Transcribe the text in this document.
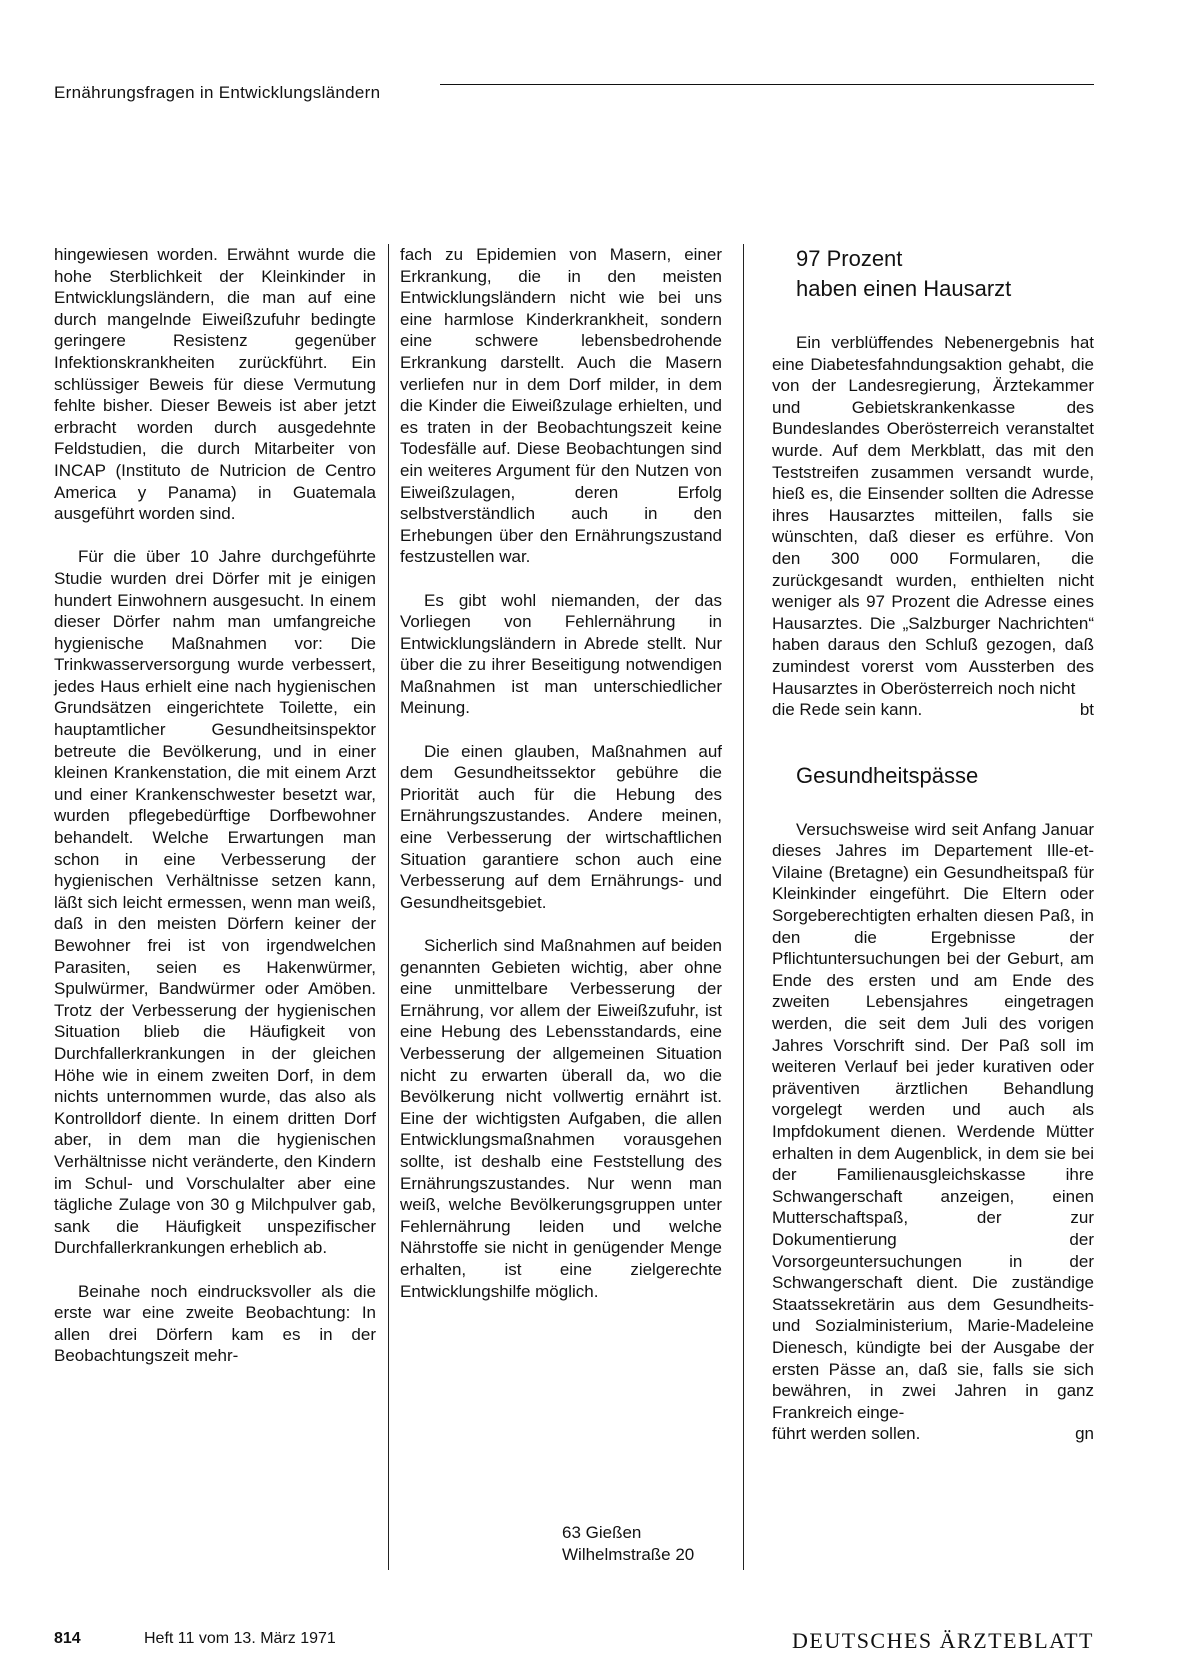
Ernährungsfragen in Entwicklungsländern

hingewiesen worden. Erwähnt wurde die hohe Sterblichkeit der Kleinkinder in Entwicklungsländern, die man auf eine durch mangelnde Eiweißzufuhr bedingte geringere Resistenz gegenüber Infektionskrankheiten zurückführt. Ein schlüssiger Beweis für diese Vermutung fehlte bisher. Dieser Beweis ist aber jetzt erbracht worden durch ausgedehnte Feldstudien, die durch Mitarbeiter von INCAP (Instituto de Nutricion de Centro America y Panama) in Guatemala ausgeführt worden sind.

Für die über 10 Jahre durchgeführte Studie wurden drei Dörfer mit je einigen hundert Einwohnern ausgesucht. In einem dieser Dörfer nahm man umfangreiche hygienische Maßnahmen vor: Die Trinkwasserversorgung wurde verbessert, jedes Haus erhielt eine nach hygienischen Grundsätzen eingerichtete Toilette, ein hauptamtlicher Gesundheitsinspektor betreute die Bevölkerung, und in einer kleinen Krankenstation, die mit einem Arzt und einer Krankenschwester besetzt war, wurden pflegebedürftige Dorfbewohner behandelt. Welche Erwartungen man schon in eine Verbesserung der hygienischen Verhältnisse setzen kann, läßt sich leicht ermessen, wenn man weiß, daß in den meisten Dörfern keiner der Bewohner frei ist von irgendwelchen Parasiten, seien es Hakenwürmer, Spulwürmer, Bandwürmer oder Amöben. Trotz der Verbesserung der hygienischen Situation blieb die Häufigkeit von Durchfallerkrankungen in der gleichen Höhe wie in einem zweiten Dorf, in dem nichts unternommen wurde, das also als Kontrolldorf diente. In einem dritten Dorf aber, in dem man die hygienischen Verhältnisse nicht veränderte, den Kindern im Schul- und Vorschulalter aber eine tägliche Zulage von 30 g Milchpulver gab, sank die Häufigkeit unspezifischer Durchfallerkrankungen erheblich ab.

Beinahe noch eindrucksvoller als die erste war eine zweite Beobachtung: In allen drei Dörfern kam es in der Beobachtungszeit mehr-

fach zu Epidemien von Masern, einer Erkrankung, die in den meisten Entwicklungsländern nicht wie bei uns eine harmlose Kinderkrankheit, sondern eine schwere lebensbedrohende Erkrankung darstellt. Auch die Masern verliefen nur in dem Dorf milder, in dem die Kinder die Eiweißzulage erhielten, und es traten in der Beobachtungszeit keine Todesfälle auf. Diese Beobachtungen sind ein weiteres Argument für den Nutzen von Eiweißzulagen, deren Erfolg selbstverständlich auch in den Erhebungen über den Ernährungszustand festzustellen war.

Es gibt wohl niemanden, der das Vorliegen von Fehlernährung in Entwicklungsländern in Abrede stellt. Nur über die zu ihrer Beseitigung notwendigen Maßnahmen ist man unterschiedlicher Meinung.

Die einen glauben, Maßnahmen auf dem Gesundheitssektor gebühre die Priorität auch für die Hebung des Ernährungszustandes. Andere meinen, eine Verbesserung der wirtschaftlichen Situation garantiere schon auch eine Verbesserung auf dem Ernährungs- und Gesundheitsgebiet.

Sicherlich sind Maßnahmen auf beiden genannten Gebieten wichtig, aber ohne eine unmittelbare Verbesserung der Ernährung, vor allem der Eiweißzufuhr, ist eine Hebung des Lebensstandards, eine Verbesserung der allgemeinen Situation nicht zu erwarten überall da, wo die Bevölkerung nicht vollwertig ernährt ist. Eine der wichtigsten Aufgaben, die allen Entwicklungsmaßnahmen vorausgehen sollte, ist deshalb eine Feststellung des Ernährungszustandes. Nur wenn man weiß, welche Bevölkerungsgruppen unter Fehlernährung leiden und welche Nährstoffe sie nicht in genügender Menge erhalten, ist eine zielgerechte Entwicklungshilfe möglich.

63 Gießen
Wilhelmstraße 20
97 Prozent
haben einen Hausarzt

Ein verblüffendes Nebenergebnis hat eine Diabetesfahndungsaktion gehabt, die von der Landesregierung, Ärztekammer und Gebietskrankenkasse des Bundeslandes Oberösterreich veranstaltet wurde. Auf dem Merkblatt, das mit den Teststreifen zusammen versandt wurde, hieß es, die Einsender sollten die Adresse ihres Hausarztes mitteilen, falls sie wünschten, daß dieser es erführe. Von den 300 000 Formularen, die zurückgesandt wurden, enthielten nicht weniger als 97 Prozent die Adresse eines Hausarztes. Die „Salzburger Nachrichten“ haben daraus den Schluß gezogen, daß zumindest vorerst vom Aussterben des Hausarztes in Oberösterreich noch nicht

die Rede sein kann.	bt
Gesundheitspässe

Versuchsweise wird seit Anfang Januar dieses Jahres im Departement Ille-et-Vilaine (Bretagne) ein Gesundheitspaß für Kleinkinder eingeführt. Die Eltern oder Sorgeberechtigten erhalten diesen Paß, in den die Ergebnisse der Pflichtuntersuchungen bei der Geburt, am Ende des ersten und am Ende des zweiten Lebensjahres eingetragen werden, die seit dem Juli des vorigen Jahres Vorschrift sind. Der Paß soll im weiteren Verlauf bei jeder kurativen oder präventiven ärztlichen Behandlung vorgelegt werden und auch als Impfdokument dienen. Werdende Mütter erhalten in dem Augenblick, in dem sie bei der Familienausgleichskasse ihre Schwangerschaft anzeigen, einen Mutterschaftspaß, der zur Dokumentierung der Vorsorgeuntersuchungen in der Schwangerschaft dient. Die zuständige Staatssekretärin aus dem Gesundheits- und Sozialministerium, Marie-Madeleine Dienesch, kündigte bei der Ausgabe der ersten Pässe an, daß sie, falls sie sich bewähren, in zwei Jahren in ganz Frankreich einge-

führt werden sollen.	gn
814	Heft 11 vom 13. März 1971	DEUTSCHES ÄRZTEBLATT
